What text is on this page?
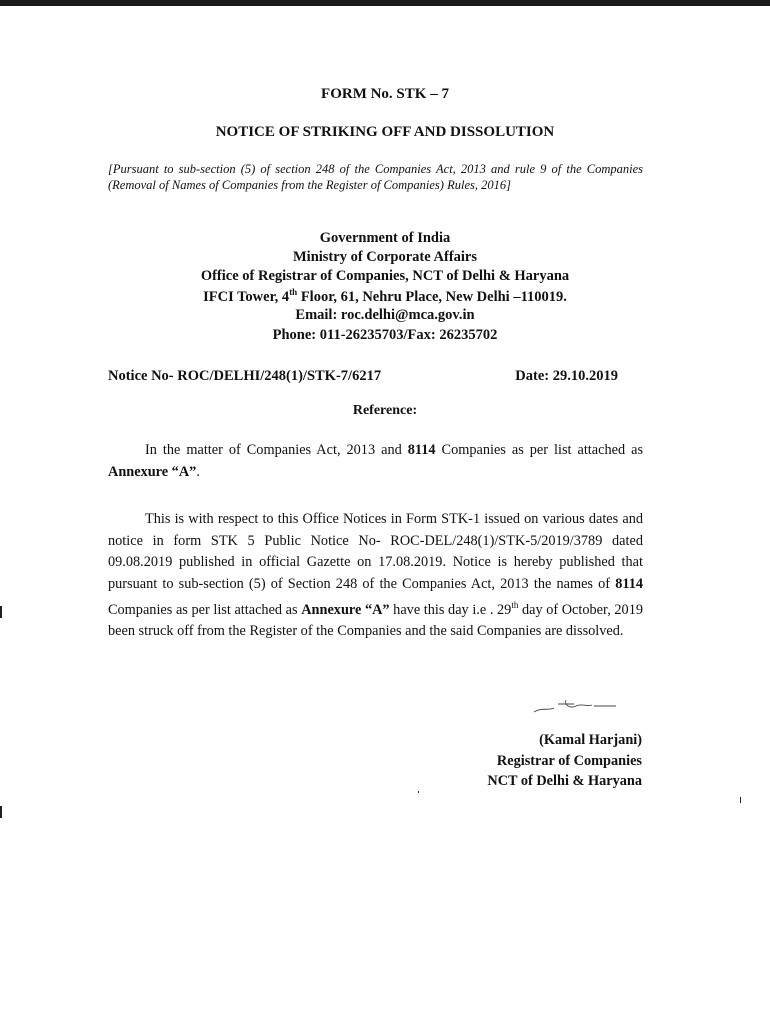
FORM No. STK – 7
NOTICE OF STRIKING OFF AND DISSOLUTION
[Pursuant to sub-section (5) of section 248 of the Companies Act, 2013 and rule 9 of the Companies (Removal of Names of Companies from the Register of Companies) Rules, 2016]
Government of India
Ministry of Corporate Affairs
Office of Registrar of Companies, NCT of Delhi & Haryana
IFCI Tower, 4th Floor, 61, Nehru Place, New Delhi –110019.
Email: roc.delhi@mca.gov.in
Phone: 011-26235703/Fax: 26235702
Notice No- ROC/DELHI/248(1)/STK-7/6217	Date: 29.10.2019
Reference:
In the matter of Companies Act, 2013 and 8114 Companies as per list attached as Annexure “A”.
This is with respect to this Office Notices in Form STK-1 issued on various dates and notice in form STK 5 Public Notice No- ROC-DEL/248(1)/STK-5/2019/3789 dated 09.08.2019 published in official Gazette on 17.08.2019. Notice is hereby published that pursuant to sub-section (5) of Section 248 of the Companies Act, 2013 the names of 8114 Companies as per list attached as Annexure “A” have this day i.e . 29th day of October, 2019 been struck off from the Register of the Companies and the said Companies are dissolved.
(Kamal Harjani)
Registrar of Companies
NCT of Delhi & Haryana
